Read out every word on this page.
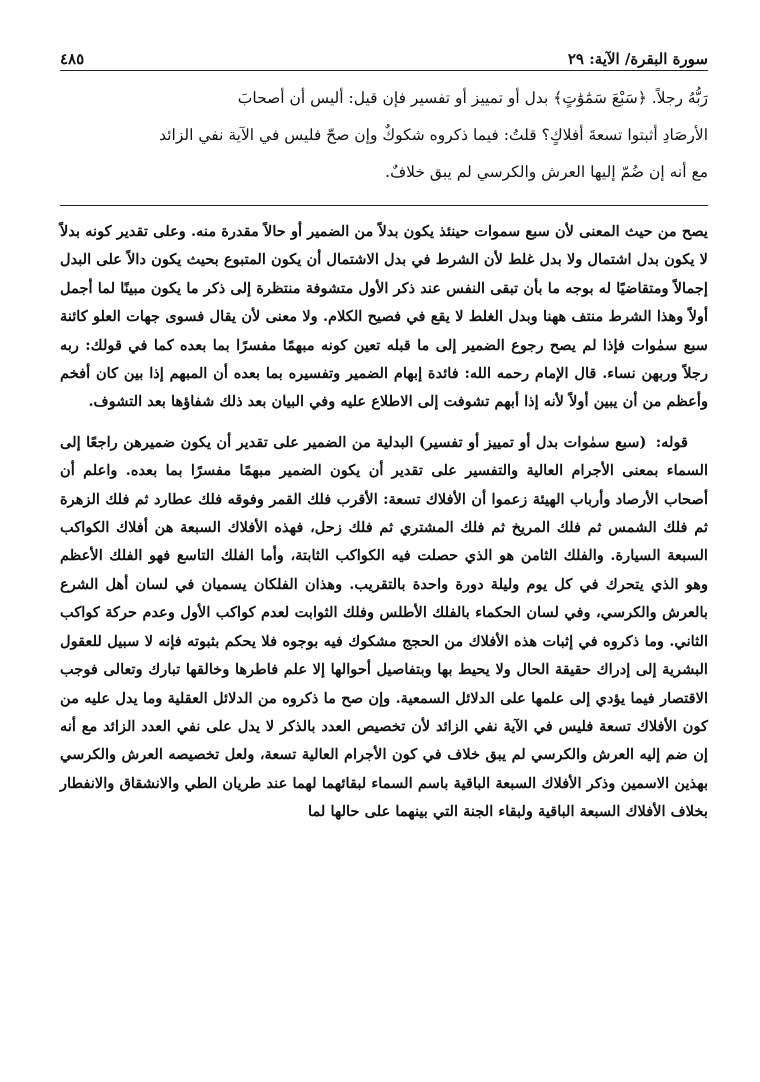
سورة البقرة/ الآية: ٢٩
٤٨٥

رَبُّهُ رجلاً. ﴿سَبْعَ سَمَٰوَٰتٍ﴾ بدل أو تمييز أو تفسير فإن قيل: أليس أن أصحابَ

الأرصَادِ أثبتوا تسعةَ أفلاكٍ؟ قلتُ: فيما ذكروه شكوكٌ وإن صحّ فليس في الآية نفي الزائد

مع أنه إن ضُمّ إليها العرش والكرسي لم يبق خلافٌ.

يصح من حيث المعنى لأن سبع سموات حينئذ يكون بدلاً من الضمير أو حالاً مقدرة منه. وعلى تقدير كونه بدلاً لا يكون بدل اشتمال ولا بدل غلط لأن الشرط في بدل الاشتمال أن يكون المتبوع بحيث يكون دالاً على البدل إجمالاً ومتقاضيًا له بوجه ما بأن تبقى النفس عند ذكر الأول متشوفة منتظرة إلى ذكر ما يكون مبينًا لما أجمل أولاً وهذا الشرط منتف ههنا وبدل الغلط لا يقع في فصيح الكلام. ولا معنى لأن يقال فسوى جهات العلو كائنة سبع سمٰوات فإذا لم يصح رجوع الضمير إلى ما قبله تعين كونه مبهمًا مفسرًا بما بعده كما في قولك: ربه رجلاً وربهن نساء. قال الإمام رحمه الله: فائدة إبهام الضمير وتفسيره بما بعده أن المبهم إذا بين كان أفخم وأعظم من أن يبين أولاً لأنه إذا أبهم تشوفت إلى الاطلاع عليه وفي البيان بعد ذلك شفاؤها بعد التشوف.

قوله: (سبع سمٰوات بدل أو تمييز أو تفسير) البدلية من الضمير على تقدير أن يكون ضميرهن راجعًا إلى السماء بمعنى الأجرام العالية والتفسير على تقدير أن يكون الضمير مبهمًا مفسرًا بما بعده. واعلم أن أصحاب الأرصاد وأرباب الهيئة زعموا أن الأفلاك تسعة: الأقرب فلك القمر وفوقه فلك عطارد ثم فلك الزهرة ثم فلك الشمس ثم فلك المريخ ثم فلك المشتري ثم فلك زحل، فهذه الأفلاك السبعة هن أفلاك الكواكب السبعة السيارة. والفلك الثامن هو الذي حصلت فيه الكواكب الثابتة، وأما الفلك التاسع فهو الفلك الأعظم وهو الذي يتحرك في كل يوم وليلة دورة واحدة بالتقريب. وهذان الفلكان يسميان في لسان أهل الشرع بالعرش والكرسي، وفي لسان الحكماء بالفلك الأطلس وفلك الثوابت لعدم كواكب الأول وعدم حركة كواكب الثاني. وما ذكروه في إثبات هذه الأفلاك من الحجج مشكوك فيه بوجوه فلا يحكم بثبوته فإنه لا سبيل للعقول البشرية إلى إدراك حقيقة الحال ولا يحيط بها وبتفاصيل أحوالها إلا علم فاطرها وخالقها تبارك وتعالى فوجب الاقتصار فيما يؤدي إلى علمها على الدلائل السمعية. وإن صح ما ذكروه من الدلائل العقلية وما يدل عليه من كون الأفلاك تسعة فليس في الآية نفي الزائد لأن تخصيص العدد بالذكر لا يدل على نفي العدد الزائد مع أنه إن ضم إليه العرش والكرسي لم يبق خلاف في كون الأجرام العالية تسعة، ولعل تخصيصه العرش والكرسي بهذين الاسمين وذكر الأفلاك السبعة الباقية باسم السماء لبقائهما لهما عند طريان الطي والانشقاق والانفطار بخلاف الأفلاك السبعة الباقية ولبقاء الجنة التي بينهما على حالها لما
